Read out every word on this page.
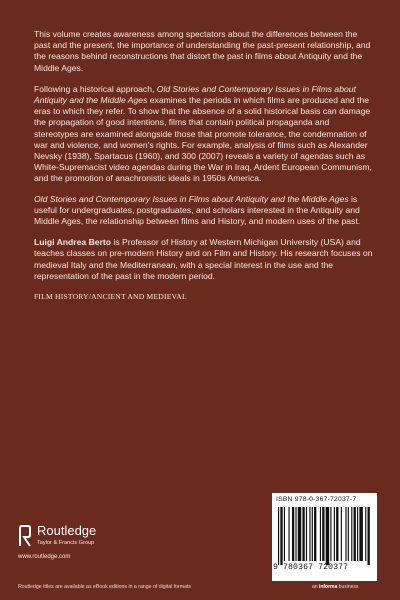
This volume creates awareness among spectators about the differences between the past and the present, the importance of understanding the past-present relationship, and the reasons behind reconstructions that distort the past in films about Antiquity and the Middle Ages.

Following a historical approach, Old Stories and Contemporary Issues in Films about Antiquity and the Middle Ages examines the periods in which films are produced and the eras to which they refer. To show that the absence of a solid historical basis can damage the propagation of good intentions, films that contain political propaganda and stereotypes are examined alongside those that promote tolerance, the condemnation of war and violence, and women's rights. For example, analysis of films such as Alexander Nevsky (1938), Spartacus (1960), and 300 (2007) reveals a variety of agendas such as White-Supremacist video agendas during the War in Iraq, Ardent European Communism, and the promotion of anachronistic ideals in 1950s America.

Old Stories and Contemporary Issues in Films about Antiquity and the Middle Ages is useful for undergraduates, postgraduates, and scholars interested in the Antiquity and Middle Ages, the relationship between films and History, and modern uses of the past.

Luigi Andrea Berto is Professor of History at Western Michigan University (USA) and teaches classes on pre-modern History and on Film and History. His research focuses on medieval Italy and the Mediterranean, with a special interest in the use and the representation of the past in the modern period.

FILM HISTORY/ANCIENT AND MEDIEVAL
Routledge
Taylor & Francis Group
www.routledge.com
Routledge titles are available as eBook editions in a range of digital formats
ISBN 978-0-367-72037-7
9 780367 720377
an informa business
